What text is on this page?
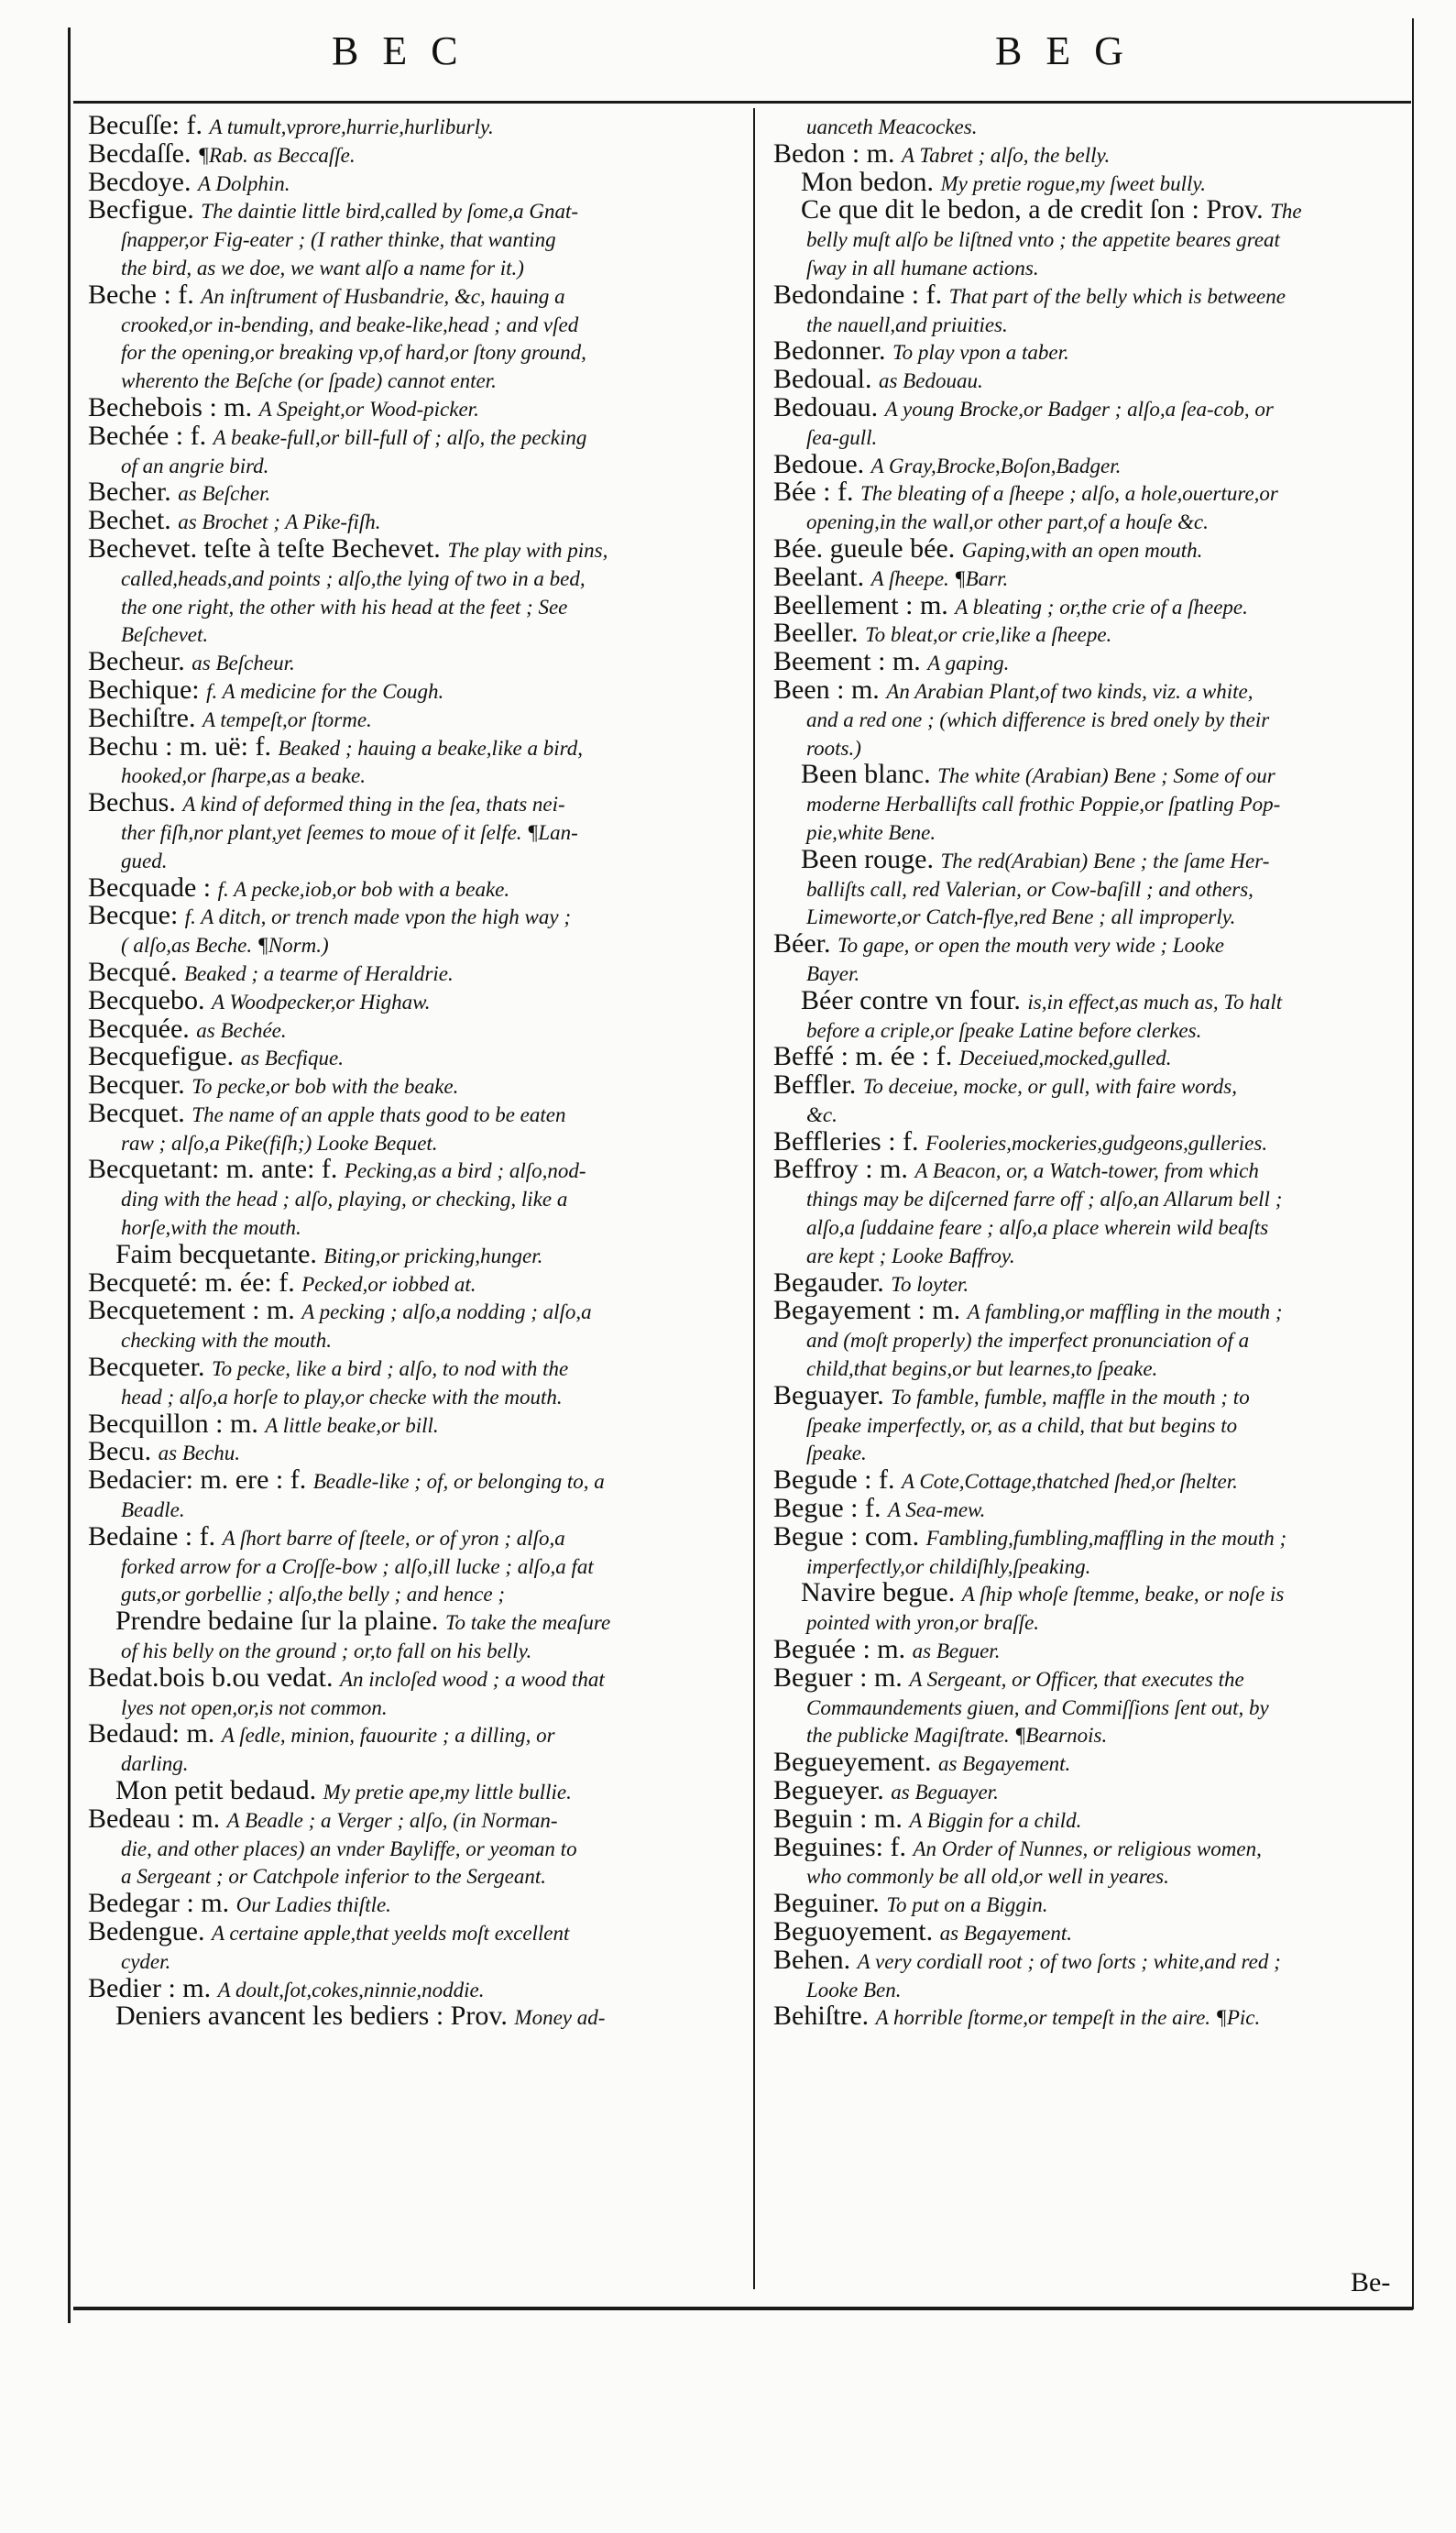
BEC	BEG
Becuſſe: f. A tumult,vprore,hurrie,hurliburly.
Becdaſſe. ¶Rab. as Beccaſſe.
Becdoye. A Dolphin.
Becfigue. The daintie little bird,called by ſome,a Gnat-
ſnapper,or Fig-eater ; (I rather thinke, that wanting
the bird, as we doe, we want alſo a name for it.)
Beche : f. An inſtrument of Husbandrie, &c, hauing a
crooked,or in-bending, and beake-like,head ; and vſed
for the opening,or breaking vp,of hard,or ſtony ground,
wherento the Beſche (or ſpade) cannot enter.
Bechebois : m. A Speight,or Wood-picker.
Bechée : f. A beake-full,or bill-full of ; alſo, the pecking
of an angrie bird.
Becher. as Beſcher.
Bechet. as Brochet ; A Pike-fiſh.
Bechevet. teſte à teſte Bechevet. The play with pins,
called,heads,and points ; alſo,the lying of two in a bed,
the one right, the other with his head at the feet ; See
Beſchevet.
Becheur. as Beſcheur.
Bechique: f. A medicine for the Cough.
Bechiſtre. A tempeſt,or ſtorme.
Bechu : m. uë: f. Beaked ; hauing a beake,like a bird,
hooked,or ſharpe,as a beake.
Bechus. A kind of deformed thing in the ſea, thats nei-
ther fiſh,nor plant,yet ſeemes to moue of it ſelfe. ¶Lan-
gued.
Becquade : f. A pecke,iob,or bob with a beake.
Becque: f. A ditch, or trench made vpon the high way ;
( alſo,as Beche. ¶Norm.)
Becqué. Beaked ; a tearme of Heraldrie.
Becquebo. A Woodpecker,or Highaw.
Becquée. as Bechée.
Becquefigue. as Becfique.
Becquer. To pecke,or bob with the beake.
Becquet. The name of an apple thats good to be eaten
raw ; alſo,a Pike(fiſh;) Looke Bequet.
Becquetant: m. ante: f. Pecking,as a bird ; alſo,nod-
ding with the head ; alſo, playing, or checking, like a
horſe,with the mouth.
Faim becquetante. Biting,or pricking,hunger.
Becqueté: m. ée: f. Pecked,or iobbed at.
Becquetement : m. A pecking ; alſo,a nodding ; alſo,a
checking with the mouth.
Becqueter. To pecke, like a bird ; alſo, to nod with the
head ; alſo,a horſe to play,or checke with the mouth.
Becquillon : m. A little beake,or bill.
Becu. as Bechu.
Bedacier: m. ere : f. Beadle-like ; of, or belonging to, a
Beadle.
Bedaine : f. A ſhort barre of ſteele, or of yron ; alſo,a
forked arrow for a Croſſe-bow ; alſo,ill lucke ; alſo,a fat
guts,or gorbellie ; alſo,the belly ; and hence ;
Prendre bedaine ſur la plaine. To take the meaſure
of his belly on the ground ; or,to fall on his belly.
Bedat.bois b.ou vedat. An incloſed wood ; a wood that
lyes not open,or,is not common.
Bedaud: m. A ſedle, minion, fauourite ; a dilling, or
darling.
Mon petit bedaud. My pretie ape,my little bullie.
Bedeau : m. A Beadle ; a Verger ; alſo, (in Norman-
die, and other places) an vnder Bayliffe, or yeoman to
a Sergeant ; or Catchpole inferior to the Sergeant.
Bedegar : m. Our Ladies thiſtle.
Bedengue. A certaine apple,that yeelds moſt excellent
cyder.
Bedier : m. A doult,ſot,cokes,ninnie,noddie.
Deniers avancent les bediers : Prov. Money ad-
uanceth Meacockes.
Bedon : m. A Tabret ; alſo, the belly.
Mon bedon. My pretie rogue,my ſweet bully.
Ce que dit le bedon, a de credit ſon : Prov. The
belly muſt alſo be liſtned vnto ; the appetite beares great
ſway in all humane actions.
Bedondaine : f. That part of the belly which is betweene
the nauell,and priuities.
Bedonner. To play vpon a taber.
Bedoual. as Bedouau.
Bedouau. A young Brocke,or Badger ; alſo,a ſea-cob, or
ſea-gull.
Bedoue. A Gray,Brocke,Boſon,Badger.
Bée : f. The bleating of a ſheepe ; alſo, a hole,ouerture,or
opening,in the wall,or other part,of a houſe &c.
Bée. gueule bée. Gaping,with an open mouth.
Beelant. A ſheepe. ¶Barr.
Beellement : m. A bleating ; or,the crie of a ſheepe.
Beeller. To bleat,or crie,like a ſheepe.
Beement : m. A gaping.
Been : m. An Arabian Plant,of two kinds, viz. a white,
and a red one ; (which difference is bred onely by their
roots.)
Been blanc. The white (Arabian) Bene ; Some of our
moderne Herballiſts call frothic Poppie,or ſpatling Pop-
pie,white Bene.
Been rouge. The red(Arabian) Bene ; the ſame Her-
balliſts call, red Valerian, or Cow-baſill ; and others,
Limeworte,or Catch-flye,red Bene ; all improperly.
Béer. To gape, or open the mouth very wide ; Looke
Bayer.
Béer contre vn four. is,in effect,as much as, To halt
before a criple,or ſpeake Latine before clerkes.
Beffé : m. ée : f. Deceiued,mocked,gulled.
Beffler. To deceiue, mocke, or gull, with faire words,
&c.
Beffleries : f. Fooleries,mockeries,gudgeons,gulleries.
Beffroy : m. A Beacon, or, a Watch-tower, from which
things may be diſcerned farre off ; alſo,an Allarum bell ;
alſo,a ſuddaine feare ; alſo,a place wherein wild beaſts
are kept ; Looke Baffroy.
Begauder. To loyter.
Begayement : m. A fambling,or maffling in the mouth ;
and (moſt properly) the imperfect pronunciation of a
child,that begins,or but learnes,to ſpeake.
Beguayer. To famble, fumble, maffle in the mouth ; to
ſpeake imperfectly, or, as a child, that but begins to
ſpeake.
Begude : f. A Cote,Cottage,thatched ſhed,or ſhelter.
Begue : f. A Sea-mew.
Begue : com. Fambling,fumbling,maffling in the mouth ;
imperfectly,or childiſhly,ſpeaking.
Navire begue. A ſhip whoſe ſtemme, beake, or noſe is
pointed with yron,or braſſe.
Beguée : m. as Beguer.
Beguer : m. A Sergeant, or Officer, that executes the
Commaundements giuen, and Commiſſions ſent out, by
the publicke Magiſtrate. ¶Bearnois.
Begueyement. as Begayement.
Begueyer. as Beguayer.
Beguin : m. A Biggin for a child.
Beguines: f. An Order of Nunnes, or religious women,
who commonly be all old,or well in yeares.
Beguiner. To put on a Biggin.
Beguoyement. as Begayement.
Behen. A very cordiall root ; of two ſorts ; white,and red ;
Looke Ben.
Behiſtre. A horrible ſtorme,or tempeſt in the aire. ¶Pic.
Be-
